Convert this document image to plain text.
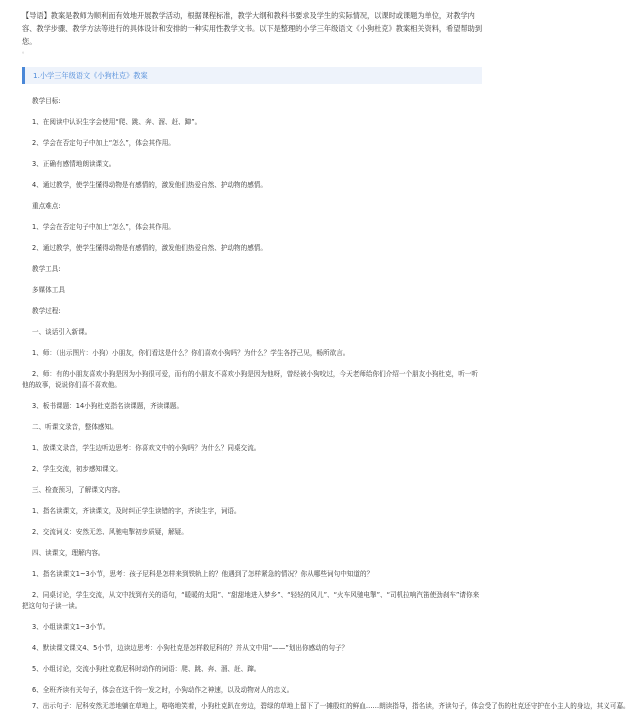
【导语】教案是教师为顺利而有效地开展教学活动，根据课程标准，教学大纲和教科书要求及学生的实际情况，以课时或课题为单位，对教学内容、教学步骤、教学方法等进行的具体设计和安排的一种实用性教学文书。以下是整理的小学三年级语文《小狗杜克》教案相关资料，希望帮助到您。
。
1.小学三年级语文《小狗杜克》教案
教学目标:
1、在阅读中认识生字会使用“爬、跳、奔、溜、赶、蹿”。
2、学会在否定句子中加上“怎么”，体会其作用。
3、正确有感情地朗读课文。
4、通过教学，使学生懂得动物是有感情的，激发他们热爱自然、护动物的感情。
重点难点:
1、学会在否定句子中加上“怎么”，体会其作用。
2、通过教学，使学生懂得动物是有感情的，激发他们热爱自然、护动物的感情。
教学工具:
多媒体工具
教学过程:
一、谈话引入新课。
1、师：（出示图片：小狗）小朋友，你们看这是什么？你们喜欢小狗吗？为什么？学生各抒己见，畅所欲言。
2、师：有的小朋友喜欢小狗是因为小狗很可爱，而有的小朋友不喜欢小狗是因为他呀，曾经被小狗咬过，今天老师给你们介绍一个朋友小狗杜克，听一听他的故事，说说你们喜不喜欢他。
3、板书课题：14小狗杜克指名读课题，齐读课题。
二、听课文录音，整体感知。
1、放课文录音，学生边听边思考：你喜欢文中的小狗吗？为什么？同桌交流。
2、学生交流，初步感知课文。
三、检查预习，了解课文内容。
1、指名读课文，齐读课文，及时纠正学生读错的字，齐读生字，词语。
2、交流词义：安然无恙、风驰电掣初步质疑，解疑。
四、读课文，理解内容。
1、指名读课文1~3小节，思考：孩子尼科是怎样来到铁轨上的？他遇到了怎样紧急的情况？你从哪些词句中知道的？
2、同桌讨论，学生交流，从文中找到有关的语句，“暖暖的太阳”、“甜甜地进入梦乡”、“轻轻的风儿”、“火车风驰电掣”、“司机拉响汽笛使劲刹车”请你来把这句句子读一读。
3、小组读课文1~3小节。
4、默读课文课文4、5小节，边读边思考：小狗杜克是怎样救尼科的？并从文中用“——”划出你感动的句子？
5、小组讨论，交流小狗杜克救尼科时动作的词语：爬、跳、奔、溜、赶、蹿。
6、全班齐读有关句子，体会在这千钧一发之时，小狗动作之神速，以及动物对人的忠义。
7、出示句子：尼科安然无恙地躺在草地上，咯咯地笑着，小狗杜克趴在旁边，碧绿的草地上留下了一摊殷红的鲜血……朗读指导，指名读，齐读句子，体会受了伤的杜克还守护在小主人的身边，其义可嘉。
